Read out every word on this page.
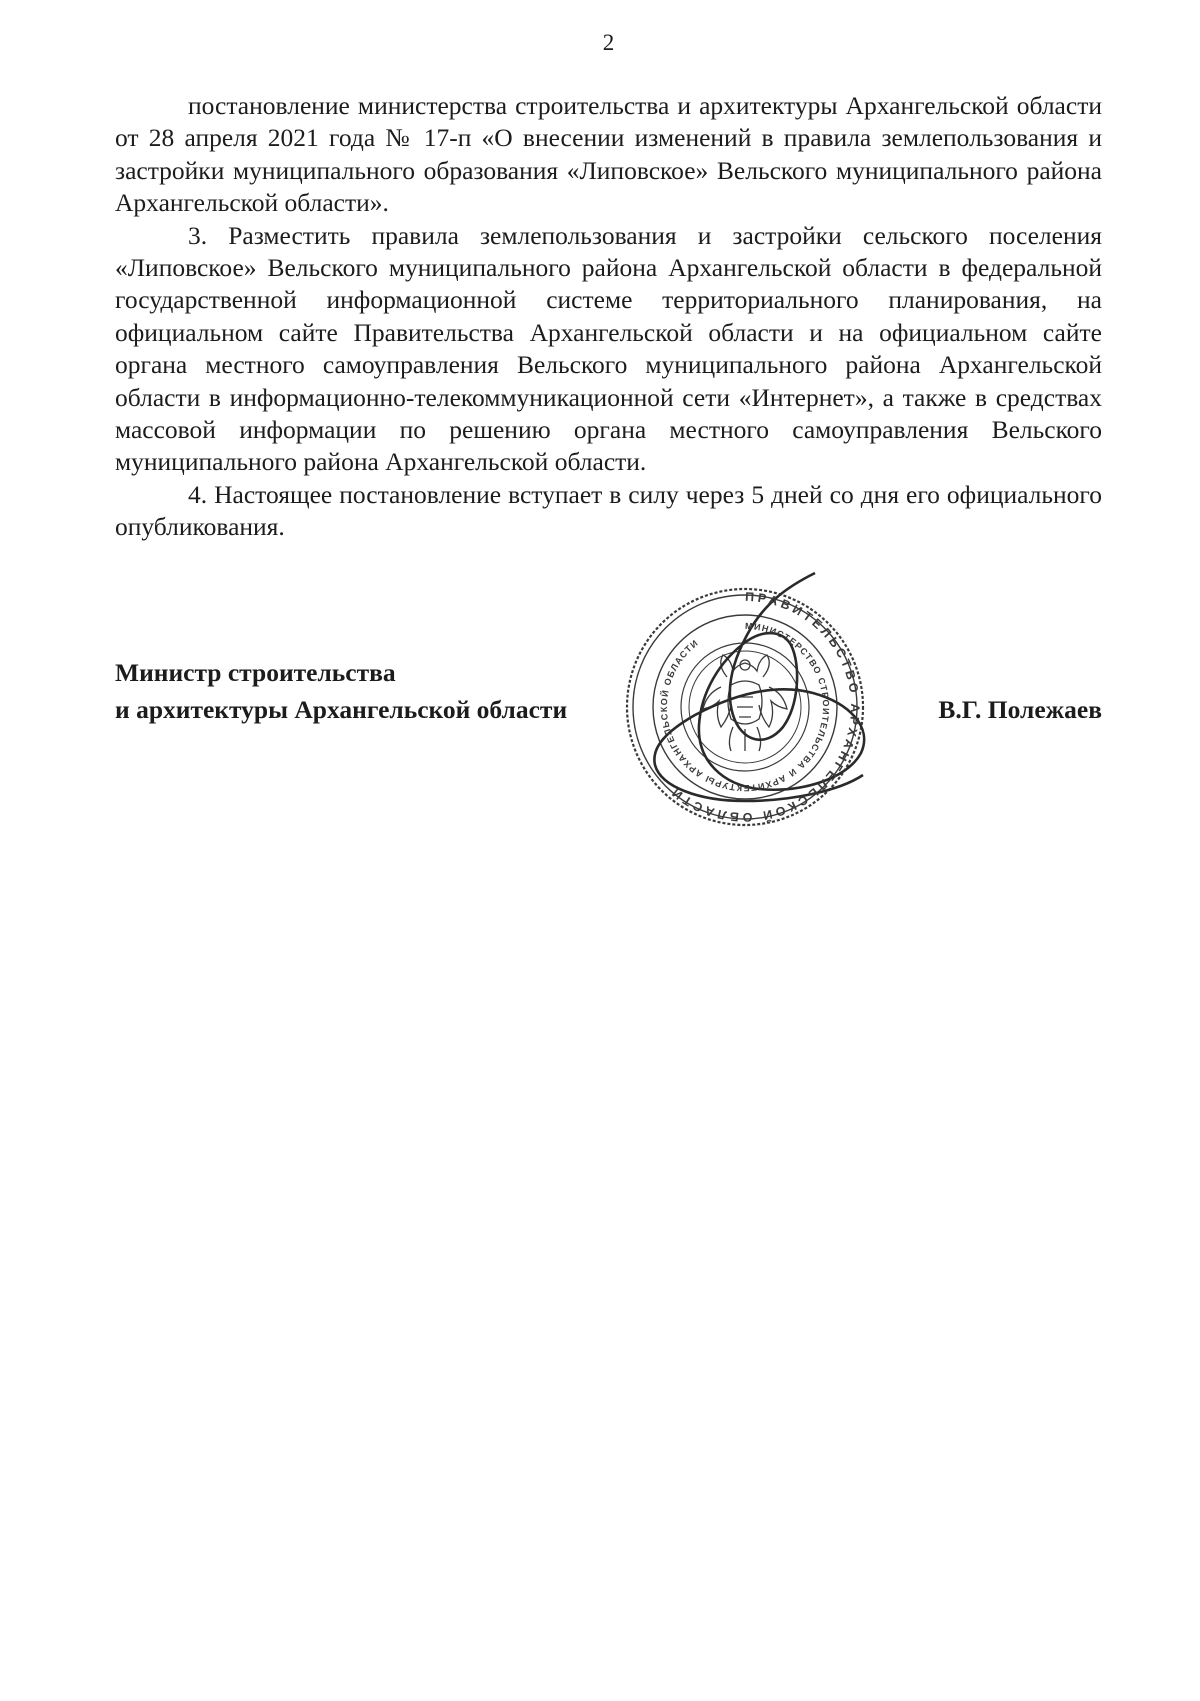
2

постановление министерства строительства и архитектуры Архангельской области от 28 апреля 2021 года № 17-п «О внесении изменений в правила землепользования и застройки муниципального образования «Липовское» Вельского муниципального района Архангельской области».

3. Разместить правила землепользования и застройки сельского поселения «Липовское» Вельского муниципального района Архангельской области в федеральной государственной информационной системе территориального планирования, на официальном сайте Правительства Архангельской области и на официальном сайте органа местного самоуправления Вельского муниципального района Архангельской области в информационно-телекоммуникационной сети «Интернет», а также в средствах массовой информации по решению органа местного самоуправления Вельского муниципального района Архангельской области.

4. Настоящее постановление вступает в силу через 5 дней со дня его официального опубликования.

Министр строительства
и архитектуры Архангельской области	В.Г. Полежаев
ПРАВИТЕЛЬСТВО АРХАНГЕЛЬСКОЙ ОБЛАСТИ
МИНИСТЕРСТВО СТРОИТЕЛЬСТВА И АРХИТЕКТУРЫ АРХАНГЕЛЬСКОЙ ОБЛАСТИ
